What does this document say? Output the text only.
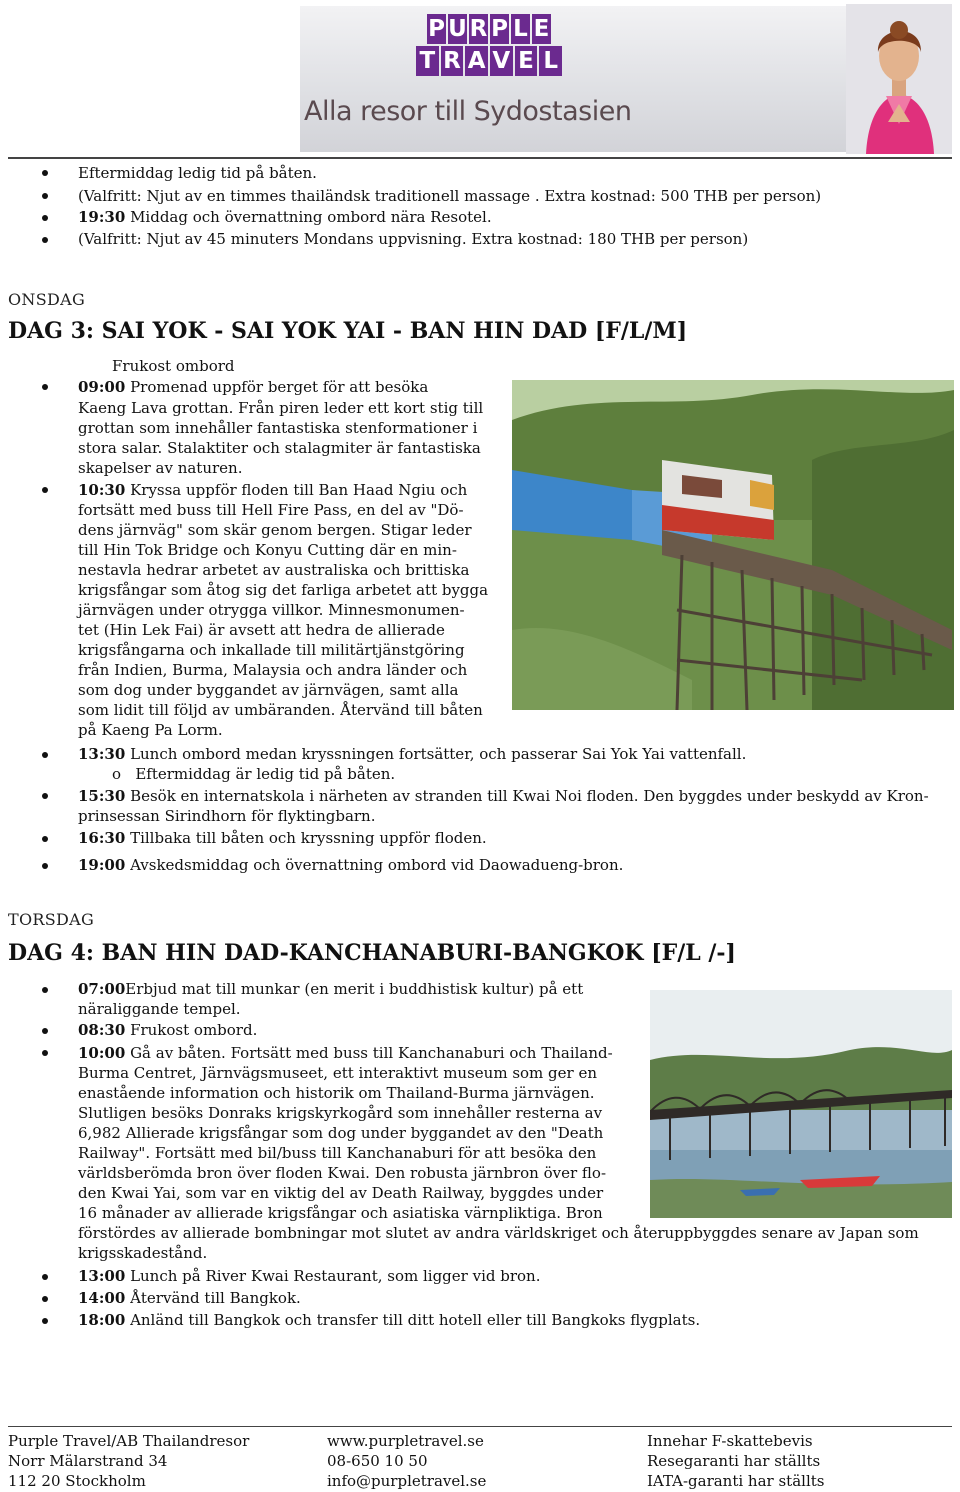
P U R P L E
T R A V E L
Alla resor till Sydostasien
Eftermiddag ledig tid på båten.
(Valfritt: Njut av en timmes thailändsk traditionell massage . Extra kostnad: 500 THB per person)
19:30 Middag och övernattning ombord nära Resotel.
(Valfritt: Njut av 45 minuters Mondans uppvisning. Extra kostnad: 180 THB per person)
ONSDAG
DAG 3: SAI YOK - SAI YOK YAI - BAN HIN DAD [F/L/M]
Frukost ombord
09:00 Promenad uppför berget för att besöka
Kaeng Lava grottan. Från piren leder ett kort stig till
grottan som innehåller fantastiska stenformationer i
stora salar. Stalaktiter och stalagmiter är fantastiska
skapelser av naturen.
10:30 Kryssa uppför floden till Ban Haad Ngiu och
fortsätt med buss till Hell Fire Pass, en del av "Dö-
dens järnväg" som skär genom bergen. Stigar leder
till Hin Tok Bridge och Konyu Cutting där en min-
nestavla hedrar arbetet av australiska och brittiska
krigsfångar som åtog sig det farliga arbetet att bygga
järnvägen under otrygga villkor. Minnesmonumen-
tet (Hin Lek Fai) är avsett att hedra de allierade
krigsfångarna och inkallade till militärtjänstgöring
från Indien, Burma, Malaysia och andra länder och
som dog under byggandet av järnvägen, samt alla
som lidit till följd av umbäranden. Återvänd till båten
på Kaeng Pa Lorm.
13:30 Lunch ombord medan kryssningen fortsätter, och passerar Sai Yok Yai vattenfall.
o Eftermiddag är ledig tid på båten.
15:30 Besök en internatskola i närheten av stranden till Kwai Noi floden. Den byggdes under beskydd av Kron-
prinsessan Sirindhorn för flyktingbarn.
16:30 Tillbaka till båten och kryssning uppför floden.
19:00 Avskedsmiddag och övernattning ombord vid Daowadueng-bron.
TORSDAG
DAG 4: BAN HIN DAD-KANCHANABURI-BANGKOK [F/L /-]
07:00Erbjud mat till munkar (en merit i buddhistisk kultur) på ett
näraliggande tempel.
08:30 Frukost ombord.
10:00 Gå av båten. Fortsätt med buss till Kanchanaburi och Thailand-
Burma Centret, Järnvägsmuseet, ett interaktivt museum som ger en
enastående information och historik om Thailand-Burma järnvägen.
Slutligen besöks Donraks krigskyrkogård som innehåller resterna av
6,982 Allierade krigsfångar som dog under byggandet av den "Death
Railway". Fortsätt med bil/buss till Kanchanaburi för att besöka den
världsberömda bron över floden Kwai. Den robusta järnbron över flo-
den Kwai Yai, som var en viktig del av Death Railway, byggdes under
16 månader av allierade krigsfångar och asiatiska värnpliktiga. Bron
förstördes av allierade bombningar mot slutet av andra världskriget och återuppbyggdes senare av Japan som
krigsskadestånd.
13:00 Lunch på River Kwai Restaurant, som ligger vid bron.
14:00 Återvänd till Bangkok.
18:00 Anländ till Bangkok och transfer till ditt hotell eller till Bangkoks flygplats.
Purple Travel/AB Thailandresor
Norr Mälarstrand 34
112 20 Stockholm
www.purpletravel.se
08-650 10 50
info@purpletravel.se
Innehar F-skattebevis
Resegaranti har ställts
IATA-garanti har ställts
